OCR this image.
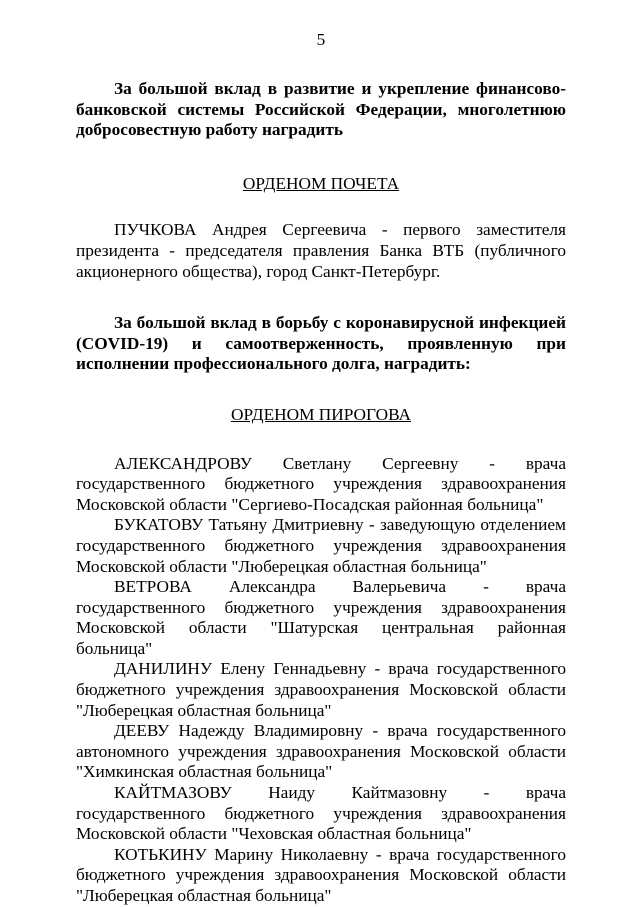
5

За большой вклад в развитие и укрепление финансово-банковской системы Российской Федерации, многолетнюю добросовестную работу наградить

ОРДЕНОМ ПОЧЕТА

ПУЧКОВА Андрея Сергеевича - первого заместителя президента - председателя правления Банка ВТБ (публичного акционерного общества), город Санкт-Петербург.

За большой вклад в борьбу с коронавирусной инфекцией (COVID-19) и самоотверженность, проявленную при исполнении профессионального долга, наградить:

ОРДЕНОМ ПИРОГОВА

АЛЕКСАНДРОВУ Светлану Сергеевну - врача государственного бюджетного учреждения здравоохранения Московской области "Сергиево-Посадская районная больница"

БУКАТОВУ Татьяну Дмитриевну - заведующую отделением государственного бюджетного учреждения здравоохранения Московской области "Люберецкая областная больница"

ВЕТРОВА Александра Валерьевича - врача государственного бюджетного учреждения здравоохранения Московской области "Шатурская центральная районная больница"

ДАНИЛИНУ Елену Геннадьевну - врача государственного бюджетного учреждения здравоохранения Московской области "Люберецкая областная больница"

ДЕЕВУ Надежду Владимировну - врача государственного автономного учреждения здравоохранения Московской области "Химкинская областная больница"

КАЙТМАЗОВУ Наиду Кайтмазовну - врача государственного бюджетного учреждения здравоохранения Московской области "Чеховская областная больница"

КОТЬКИНУ Марину Николаевну - врача государственного бюджетного учреждения здравоохранения Московской области "Люберецкая областная больница"
